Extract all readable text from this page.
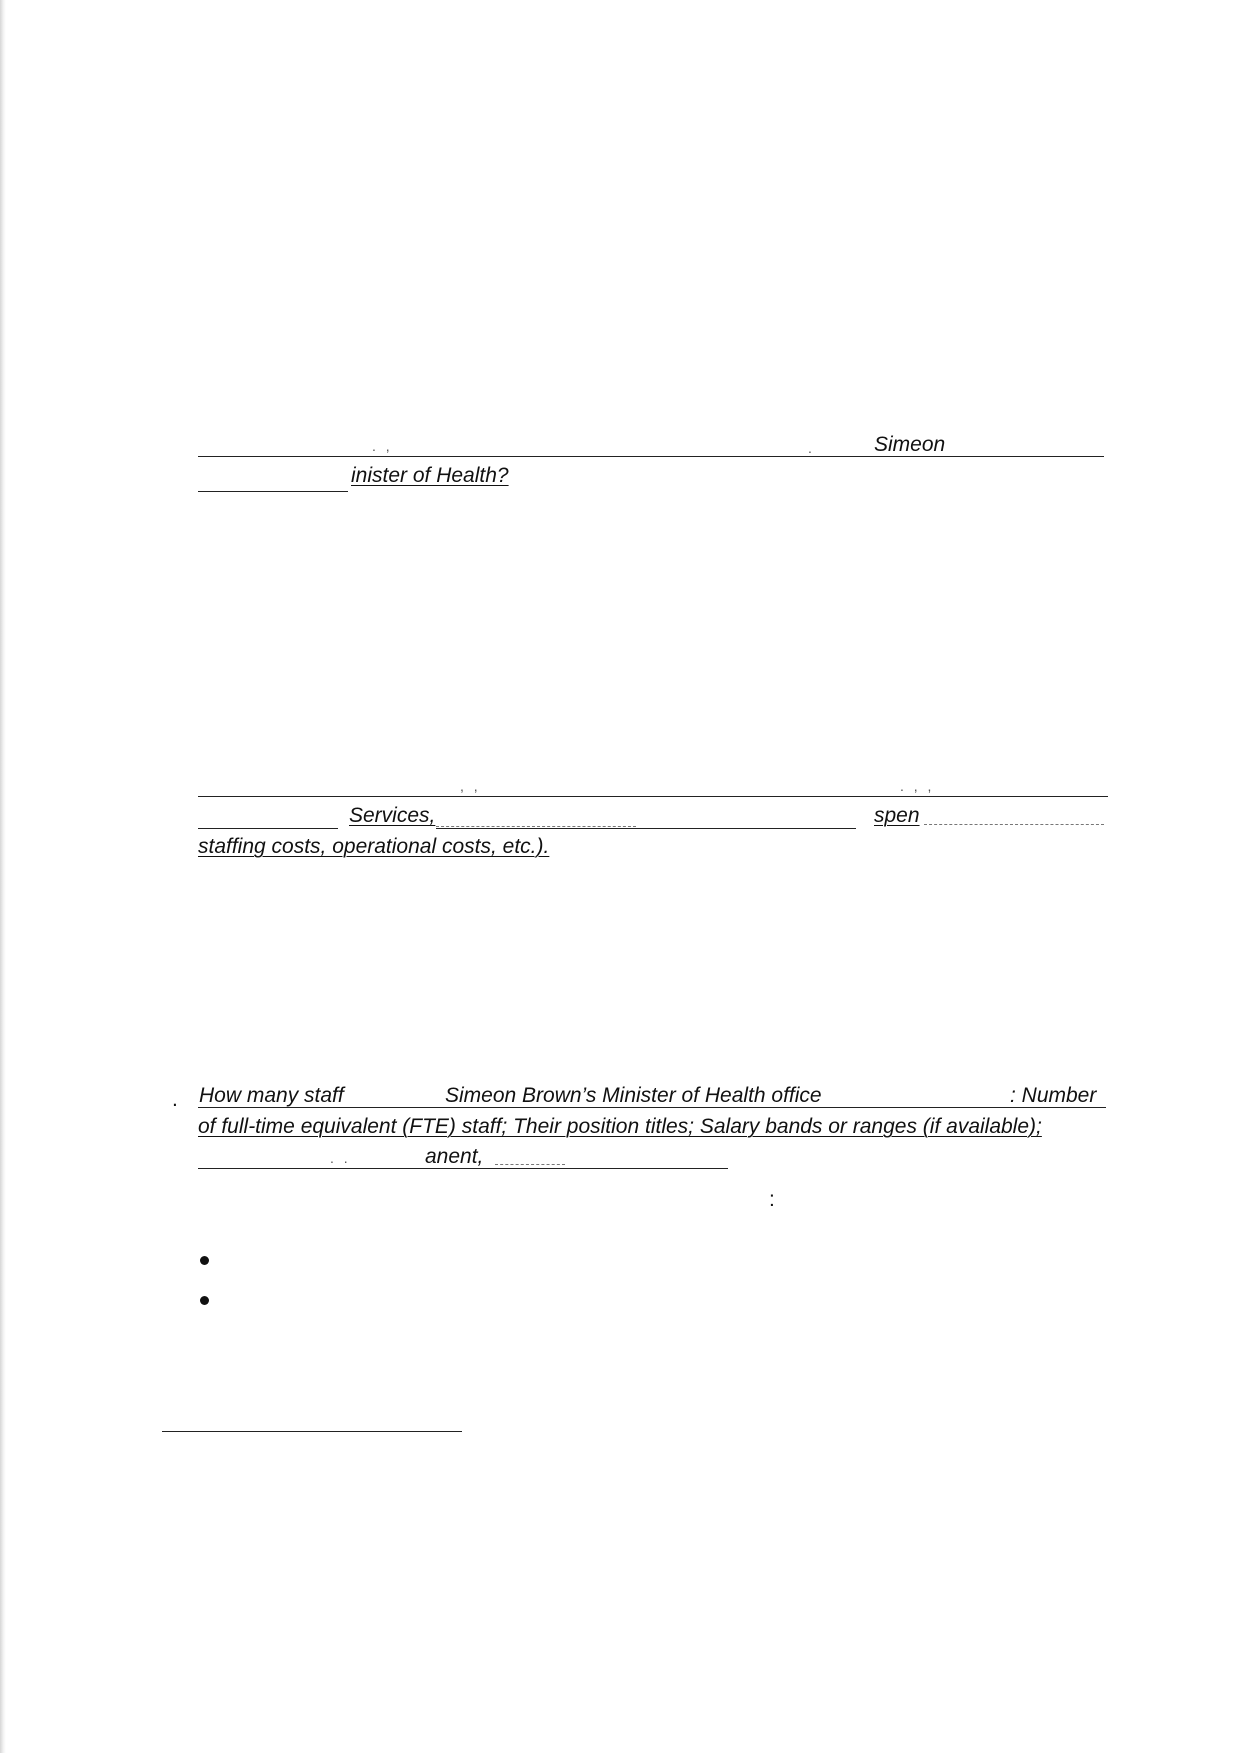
. ,	.	Simeon
inister of Health?
, ,	. , ,
Services,	spen
staffing costs, operational costs, etc.).
. How many staff	Simeon Brown’s Minister of Health office	: Number
of full-time equivalent (FTE) staff; Their position titles; Salary bands or ranges (if available);
. .	anent,
:
